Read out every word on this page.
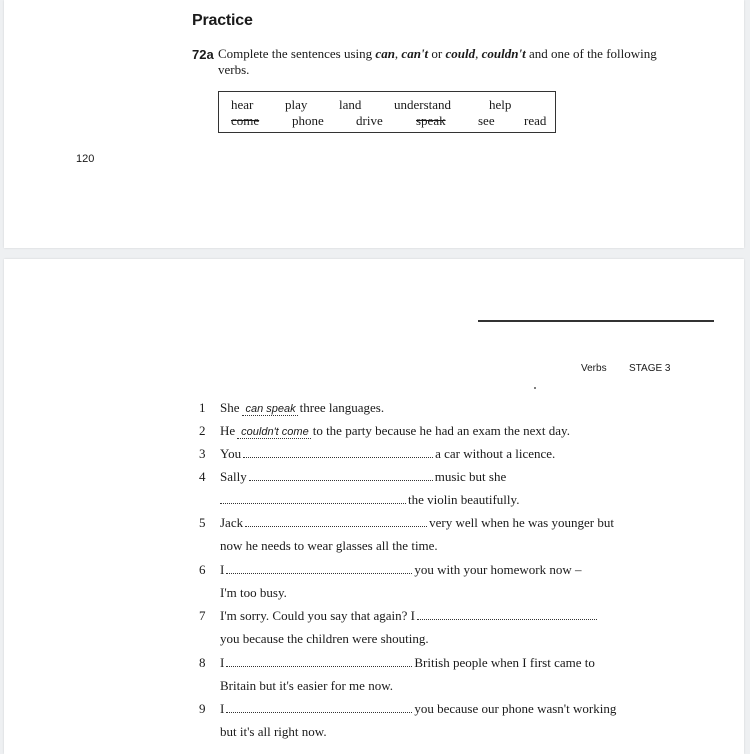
Practice
72a Complete the sentences using can, can't or could, couldn't and one of the following verbs.
hear play land	understand	help
come	phone drive	speak see read
120
Verbs STAGE 3
1 She can speak three languages.
2 He couldn't come to the party because he had an exam the next day.
3 You	a car without a licence.
4 Sally	music but she
the violin beautifully.
5 Jack	very well when he was younger but
now he needs to wear glasses all the time.
6 I	you with your homework now –
I'm too busy.
7 I'm sorry. Could you say that again? I
you because the children were shouting.
8 I	British people when I first came to
Britain but it's easier for me now.
9 I	you because our phone wasn't working
but it's all right now.
